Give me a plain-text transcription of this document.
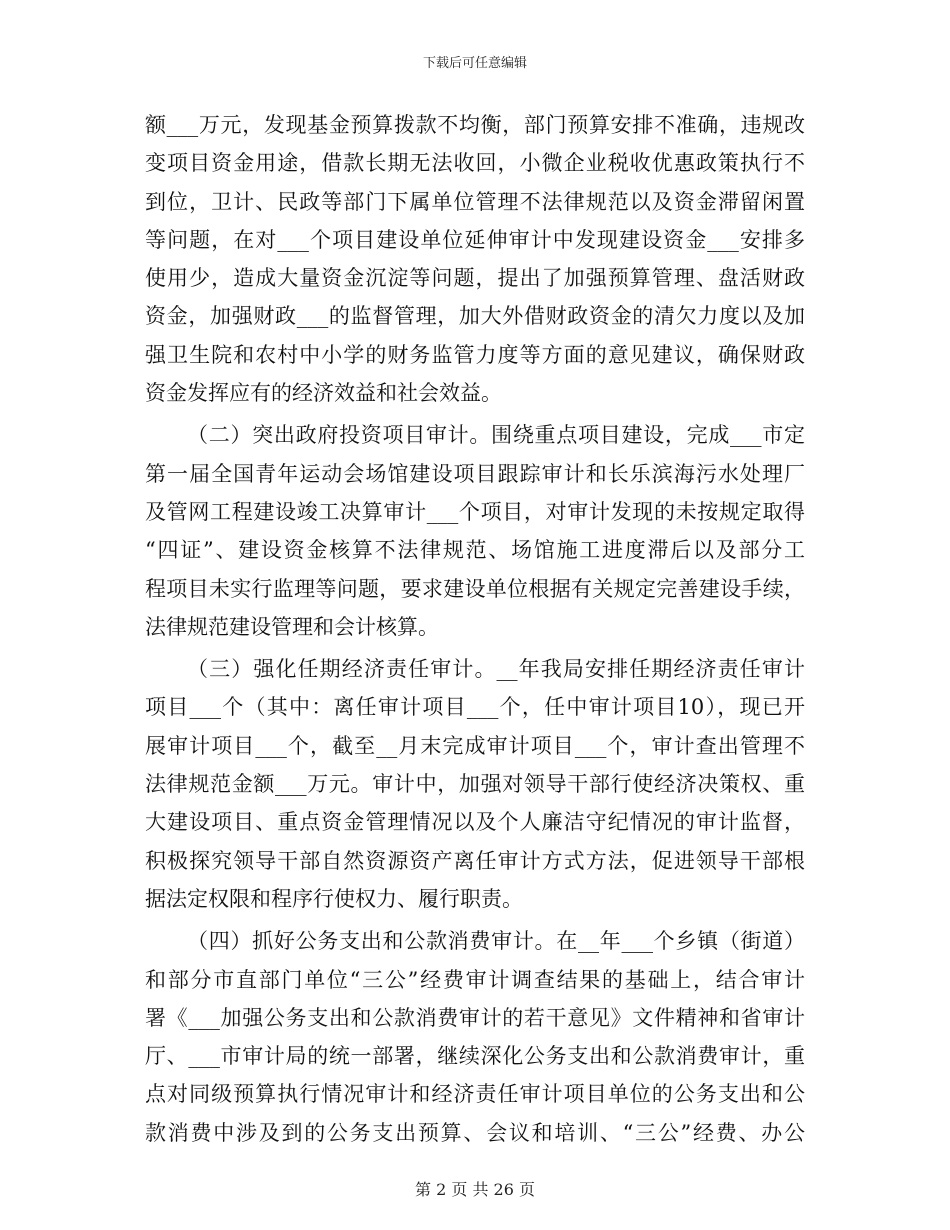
下载后可任意编辑
额___万元，发现基金预算拨款不均衡，部门预算安排不准确，违规改
变项目资金用途，借款长期无法收回，小微企业税收优惠政策执行不
到位，卫计、民政等部门下属单位管理不法律规范以及资金滞留闲置
等问题，在对___个项目建设单位延伸审计中发现建设资金___安排多
使用少，造成大量资金沉淀等问题，提出了加强预算管理、盘活财政
资金，加强财政___的监督管理，加大外借财政资金的清欠力度以及加
强卫生院和农村中小学的财务监管力度等方面的意见建议，确保财政
资金发挥应有的经济效益和社会效益。
（二）突出政府投资项目审计。围绕重点项目建设，完成___市定
第一届全国青年运动会场馆建设项目跟踪审计和长乐滨海污水处理厂
及管网工程建设竣工决算审计___个项目，对审计发现的未按规定取得
“四证”、建设资金核算不法律规范、场馆施工进度滞后以及部分工
程项目未实行监理等问题，要求建设单位根据有关规定完善建设手续，
法律规范建设管理和会计核算。
（三）强化任期经济责任审计。__年我局安排任期经济责任审计
项目___个（其中：离任审计项目___个，任中审计项目10），现已开
展审计项目___个，截至__月末完成审计项目___个，审计查出管理不
法律规范金额___万元。审计中，加强对领导干部行使经济决策权、重
大建设项目、重点资金管理情况以及个人廉洁守纪情况的审计监督，
积极探究领导干部自然资源资产离任审计方式方法，促进领导干部根
据法定权限和程序行使权力、履行职责。
（四）抓好公务支出和公款消费审计。在__年___个乡镇（街道）
和部分市直部门单位“三公”经费审计调查结果的基础上，结合审计
署《___加强公务支出和公款消费审计的若干意见》文件精神和省审计
厅、___市审计局的统一部署，继续深化公务支出和公款消费审计，重
点对同级预算执行情况审计和经济责任审计项目单位的公务支出和公
款消费中涉及到的公务支出预算、会议和培训、“三公”经费、办公
第 2 页 共 26 页
